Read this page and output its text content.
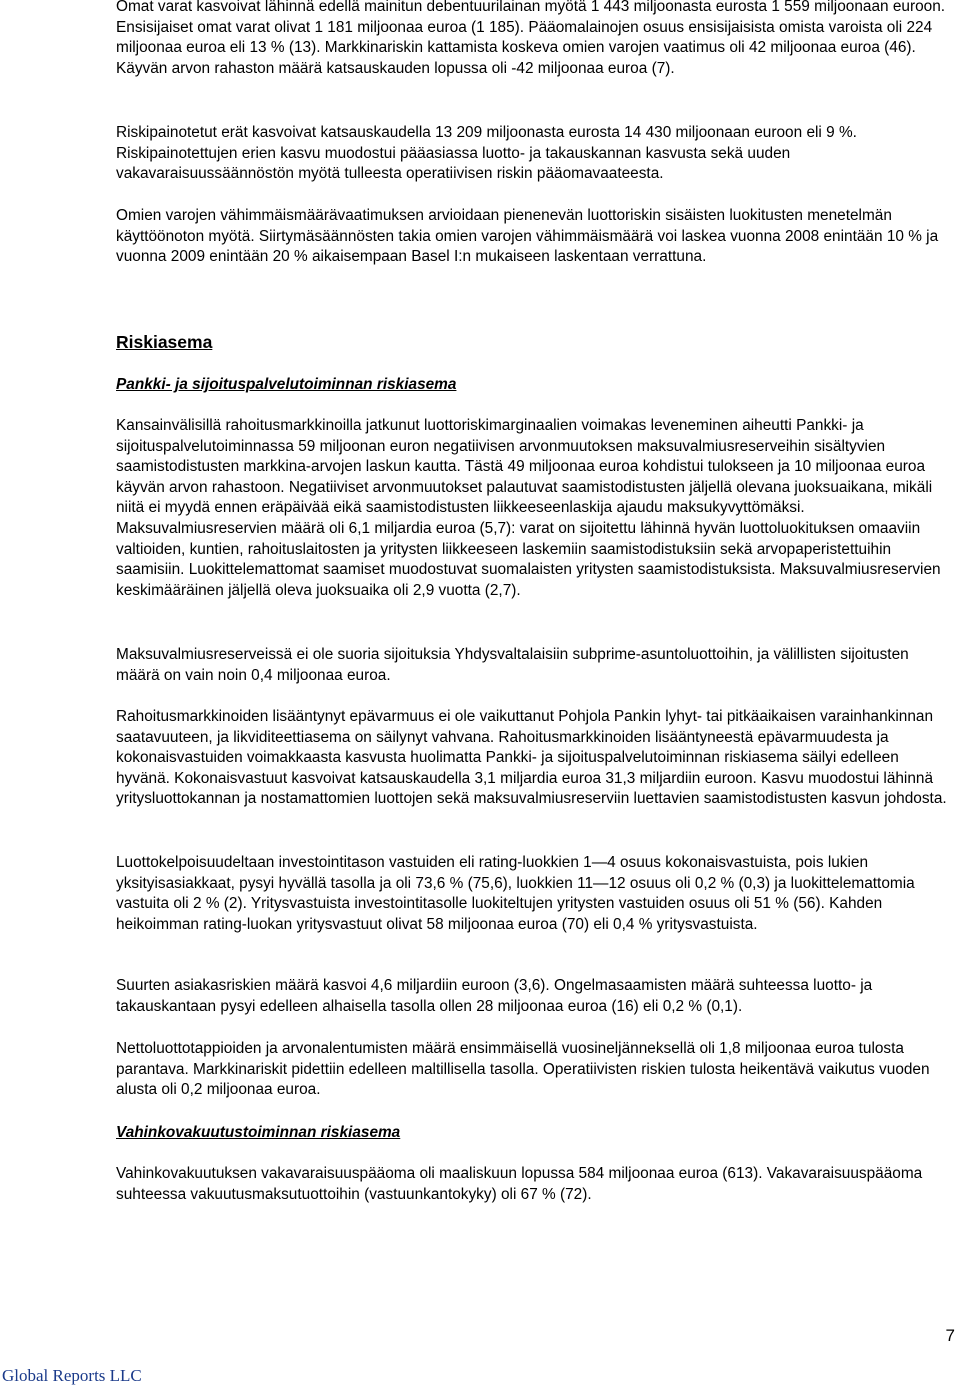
Omat varat kasvoivat lähinnä edellä mainitun debentuurilainan myötä 1 443 miljoonasta eurosta 1 559 miljoonaan euroon. Ensisijaiset omat varat olivat 1 181 miljoonaa euroa (1 185). Pääomalainojen osuus ensisijaisista omista varoista oli 224 miljoonaa euroa eli 13 % (13). Markkinariskin kattamista koskeva omien varojen vaatimus oli 42 miljoonaa euroa (46). Käyvän arvon rahaston määrä katsauskauden lopussa oli -42 miljoonaa euroa (7).

Riskipainotetut erät kasvoivat katsauskaudella 13 209 miljoonasta eurosta 14 430 miljoonaan euroon eli 9 %. Riskipainotettujen erien kasvu muodostui pääasiassa luotto- ja takauskannan kasvusta sekä uuden vakavaraisuussäännöstön myötä tulleesta operatiivisen riskin pääomavaateesta.

Omien varojen vähimmäismäärävaatimuksen arvioidaan pienenevän luottoriskin sisäisten luokitusten menetelmän käyttöönoton myötä. Siirtymäsäännösten takia omien varojen vähimmäismäärä voi laskea vuonna 2008 enintään 10 % ja vuonna 2009 enintään 20 % aikaisempaan Basel I:n mukaiseen laskentaan verrattuna.

Riskiasema
Pankki- ja sijoituspalvelutoiminnan riskiasema

Kansainvälisillä rahoitusmarkkinoilla jatkunut luottoriskimarginaalien voimakas leveneminen aiheutti Pankki- ja sijoituspalvelutoiminnassa 59 miljoonan euron negatiivisen arvonmuutoksen maksuvalmiusreserveihin sisältyvien saamistodistusten markkina-arvojen laskun kautta. Tästä 49 miljoonaa euroa kohdistui tulokseen ja 10 miljoonaa euroa käyvän arvon rahastoon. Negatiiviset arvonmuutokset palautuvat saamistodistusten jäljellä olevana juoksuaikana, mikäli niitä ei myydä ennen eräpäivää eikä saamistodistusten liikkeeseenlaskija ajaudu maksukyvyttömäksi. Maksuvalmiusreservien määrä oli 6,1 miljardia euroa (5,7): varat on sijoitettu lähinnä hyvän luottoluokituksen omaaviin valtioiden, kuntien, rahoituslaitosten ja yritysten liikkeeseen laskemiin saamistodistuksiin sekä arvopaperistettuihin saamisiin. Luokittelemattomat saamiset muodostuvat suomalaisten yritysten saamistodistuksista. Maksuvalmiusreservien keskimääräinen jäljellä oleva juoksuaika oli 2,9 vuotta (2,7).

Maksuvalmiusreserveissä ei ole suoria sijoituksia Yhdysvaltalaisiin subprime-asuntoluottoihin, ja välillisten sijoitusten määrä on vain noin 0,4 miljoonaa euroa.

Rahoitusmarkkinoiden lisääntynyt epävarmuus ei ole vaikuttanut Pohjola Pankin lyhyt- tai pitkäaikaisen varainhankinnan saatavuuteen, ja likviditeettiasema on säilynyt vahvana. Rahoitusmarkkinoiden lisääntyneestä epävarmuudesta ja kokonaisvastuiden voimakkaasta kasvusta huolimatta Pankki- ja sijoituspalvelutoiminnan riskiasema säilyi edelleen hyvänä. Kokonaisvastuut kasvoivat katsauskaudella 3,1 miljardia euroa 31,3 miljardiin euroon. Kasvu muodostui lähinnä yritysluottokannan ja nostamattomien luottojen sekä maksuvalmiusreserviin luettavien saamistodistusten kasvun johdosta.

Luottokelpoisuudeltaan investointitason vastuiden eli rating-luokkien 1—4 osuus kokonaisvastuista, pois lukien yksityisasiakkaat, pysyi hyvällä tasolla ja oli 73,6 % (75,6), luokkien 11—12 osuus oli 0,2 % (0,3) ja luokittelemattomia vastuita oli 2 % (2). Yritysvastuista investointitasolle luokiteltujen yritysten vastuiden osuus oli 51 % (56). Kahden heikoimman rating-luokan yritysvastuut olivat 58 miljoonaa euroa (70) eli 0,4 % yritysvastuista.

Suurten asiakasriskien määrä kasvoi 4,6 miljardiin euroon (3,6). Ongelmasaamisten määrä suhteessa luotto- ja takauskantaan pysyi edelleen alhaisella tasolla ollen 28 miljoonaa euroa (16) eli 0,2 % (0,1).

Nettoluottotappioiden ja arvonalentumisten määrä ensimmäisellä vuosineljänneksellä oli 1,8 miljoonaa euroa tulosta parantava. Markkinariskit pidettiin edelleen maltillisella tasolla. Operatiivisten riskien tulosta heikentävä vaikutus vuoden alusta oli 0,2 miljoonaa euroa.

Vahinkovakuutustoiminnan riskiasema

Vahinkovakuutuksen vakavaraisuuspääoma oli maaliskuun lopussa 584 miljoonaa euroa (613). Vakavaraisuuspääoma suhteessa vakuutusmaksutuottoihin (vastuunkantokyky) oli 67 % (72).

7
Global Reports LLC
